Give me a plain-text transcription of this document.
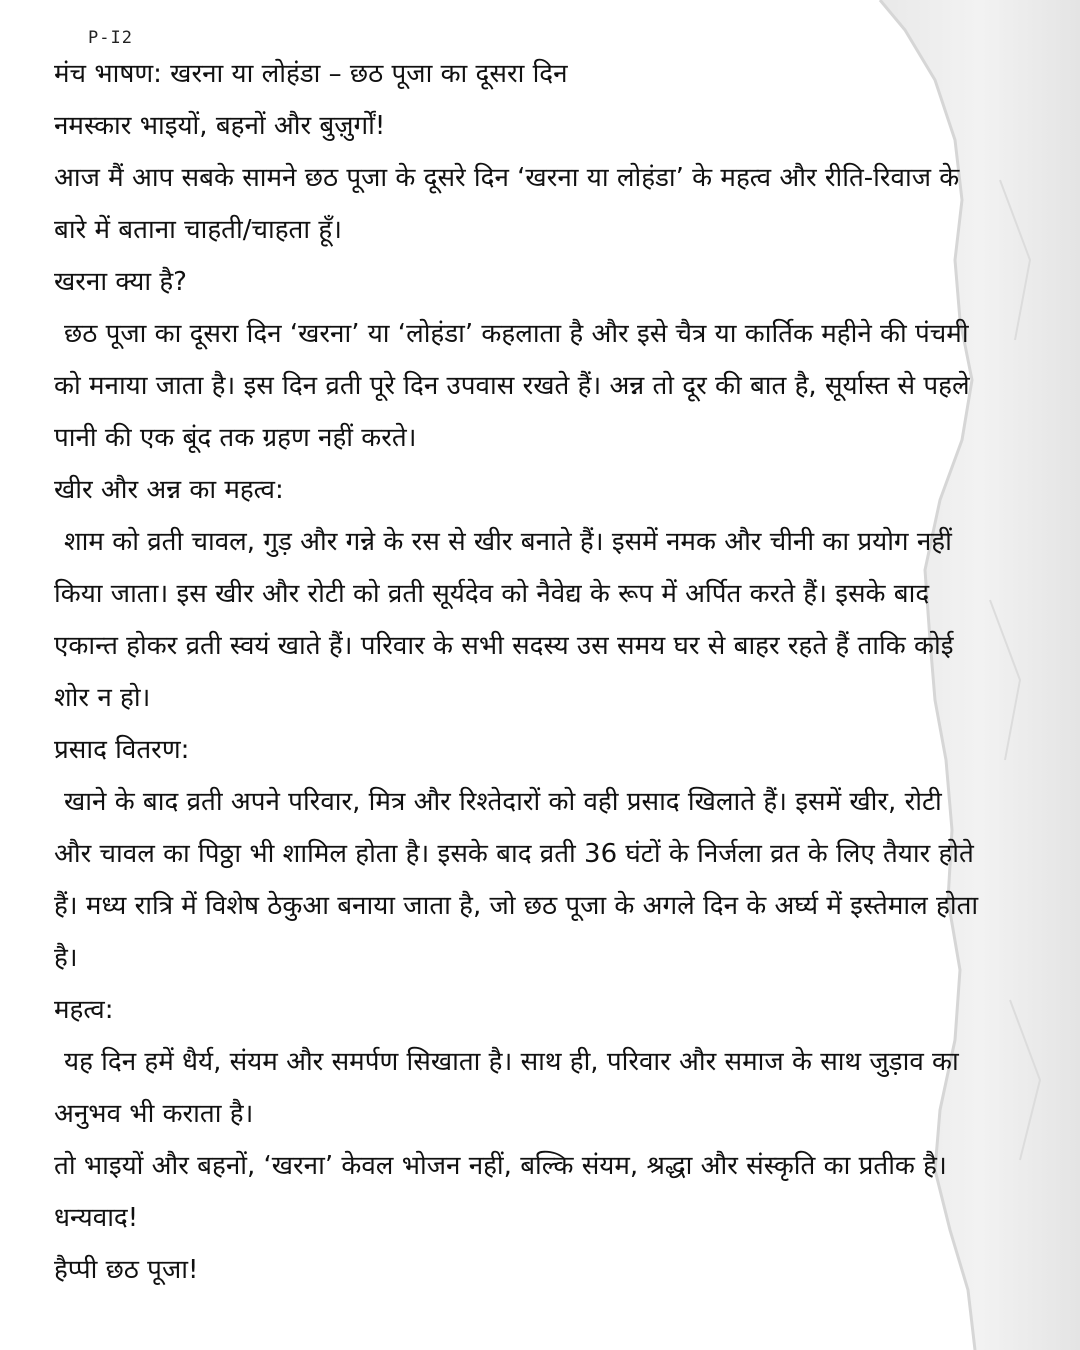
P-I2
मंच भाषण: खरना या लोहंडा – छठ पूजा का दूसरा दिन
नमस्कार भाइयों, बहनों और बुज़ुर्गों!
आज मैं आप सबके सामने छठ पूजा के दूसरे दिन ‘खरना या लोहंडा’ के महत्व और रीति-रिवाज के बारे में बताना चाहती/चाहता हूँ।
खरना क्या है?
छठ पूजा का दूसरा दिन ‘खरना’ या ‘लोहंडा’ कहलाता है और इसे चैत्र या कार्तिक महीने की पंचमी को मनाया जाता है। इस दिन व्रती पूरे दिन उपवास रखते हैं। अन्न तो दूर की बात है, सूर्यास्त से पहले पानी की एक बूंद तक ग्रहण नहीं करते।
खीर और अन्न का महत्व:
शाम को व्रती चावल, गुड़ और गन्ने के रस से खीर बनाते हैं। इसमें नमक और चीनी का प्रयोग नहीं किया जाता। इस खीर और रोटी को व्रती सूर्यदेव को नैवेद्य के रूप में अर्पित करते हैं। इसके बाद एकान्त होकर व्रती स्वयं खाते हैं। परिवार के सभी सदस्य उस समय घर से बाहर रहते हैं ताकि कोई शोर न हो।
प्रसाद वितरण:
खाने के बाद व्रती अपने परिवार, मित्र और रिश्तेदारों को वही प्रसाद खिलाते हैं। इसमें खीर, रोटी और चावल का पिठ्ठा भी शामिल होता है। इसके बाद व्रती 36 घंटों के निर्जला व्रत के लिए तैयार होते हैं। मध्य रात्रि में विशेष ठेकुआ बनाया जाता है, जो छठ पूजा के अगले दिन के अर्घ्य में इस्तेमाल होता है।
महत्व:
यह दिन हमें धैर्य, संयम और समर्पण सिखाता है। साथ ही, परिवार और समाज के साथ जुड़ाव का अनुभव भी कराता है।
तो भाइयों और बहनों, ‘खरना’ केवल भोजन नहीं, बल्कि संयम, श्रद्धा और संस्कृति का प्रतीक है।
धन्यवाद!
हैप्पी छठ पूजा!
